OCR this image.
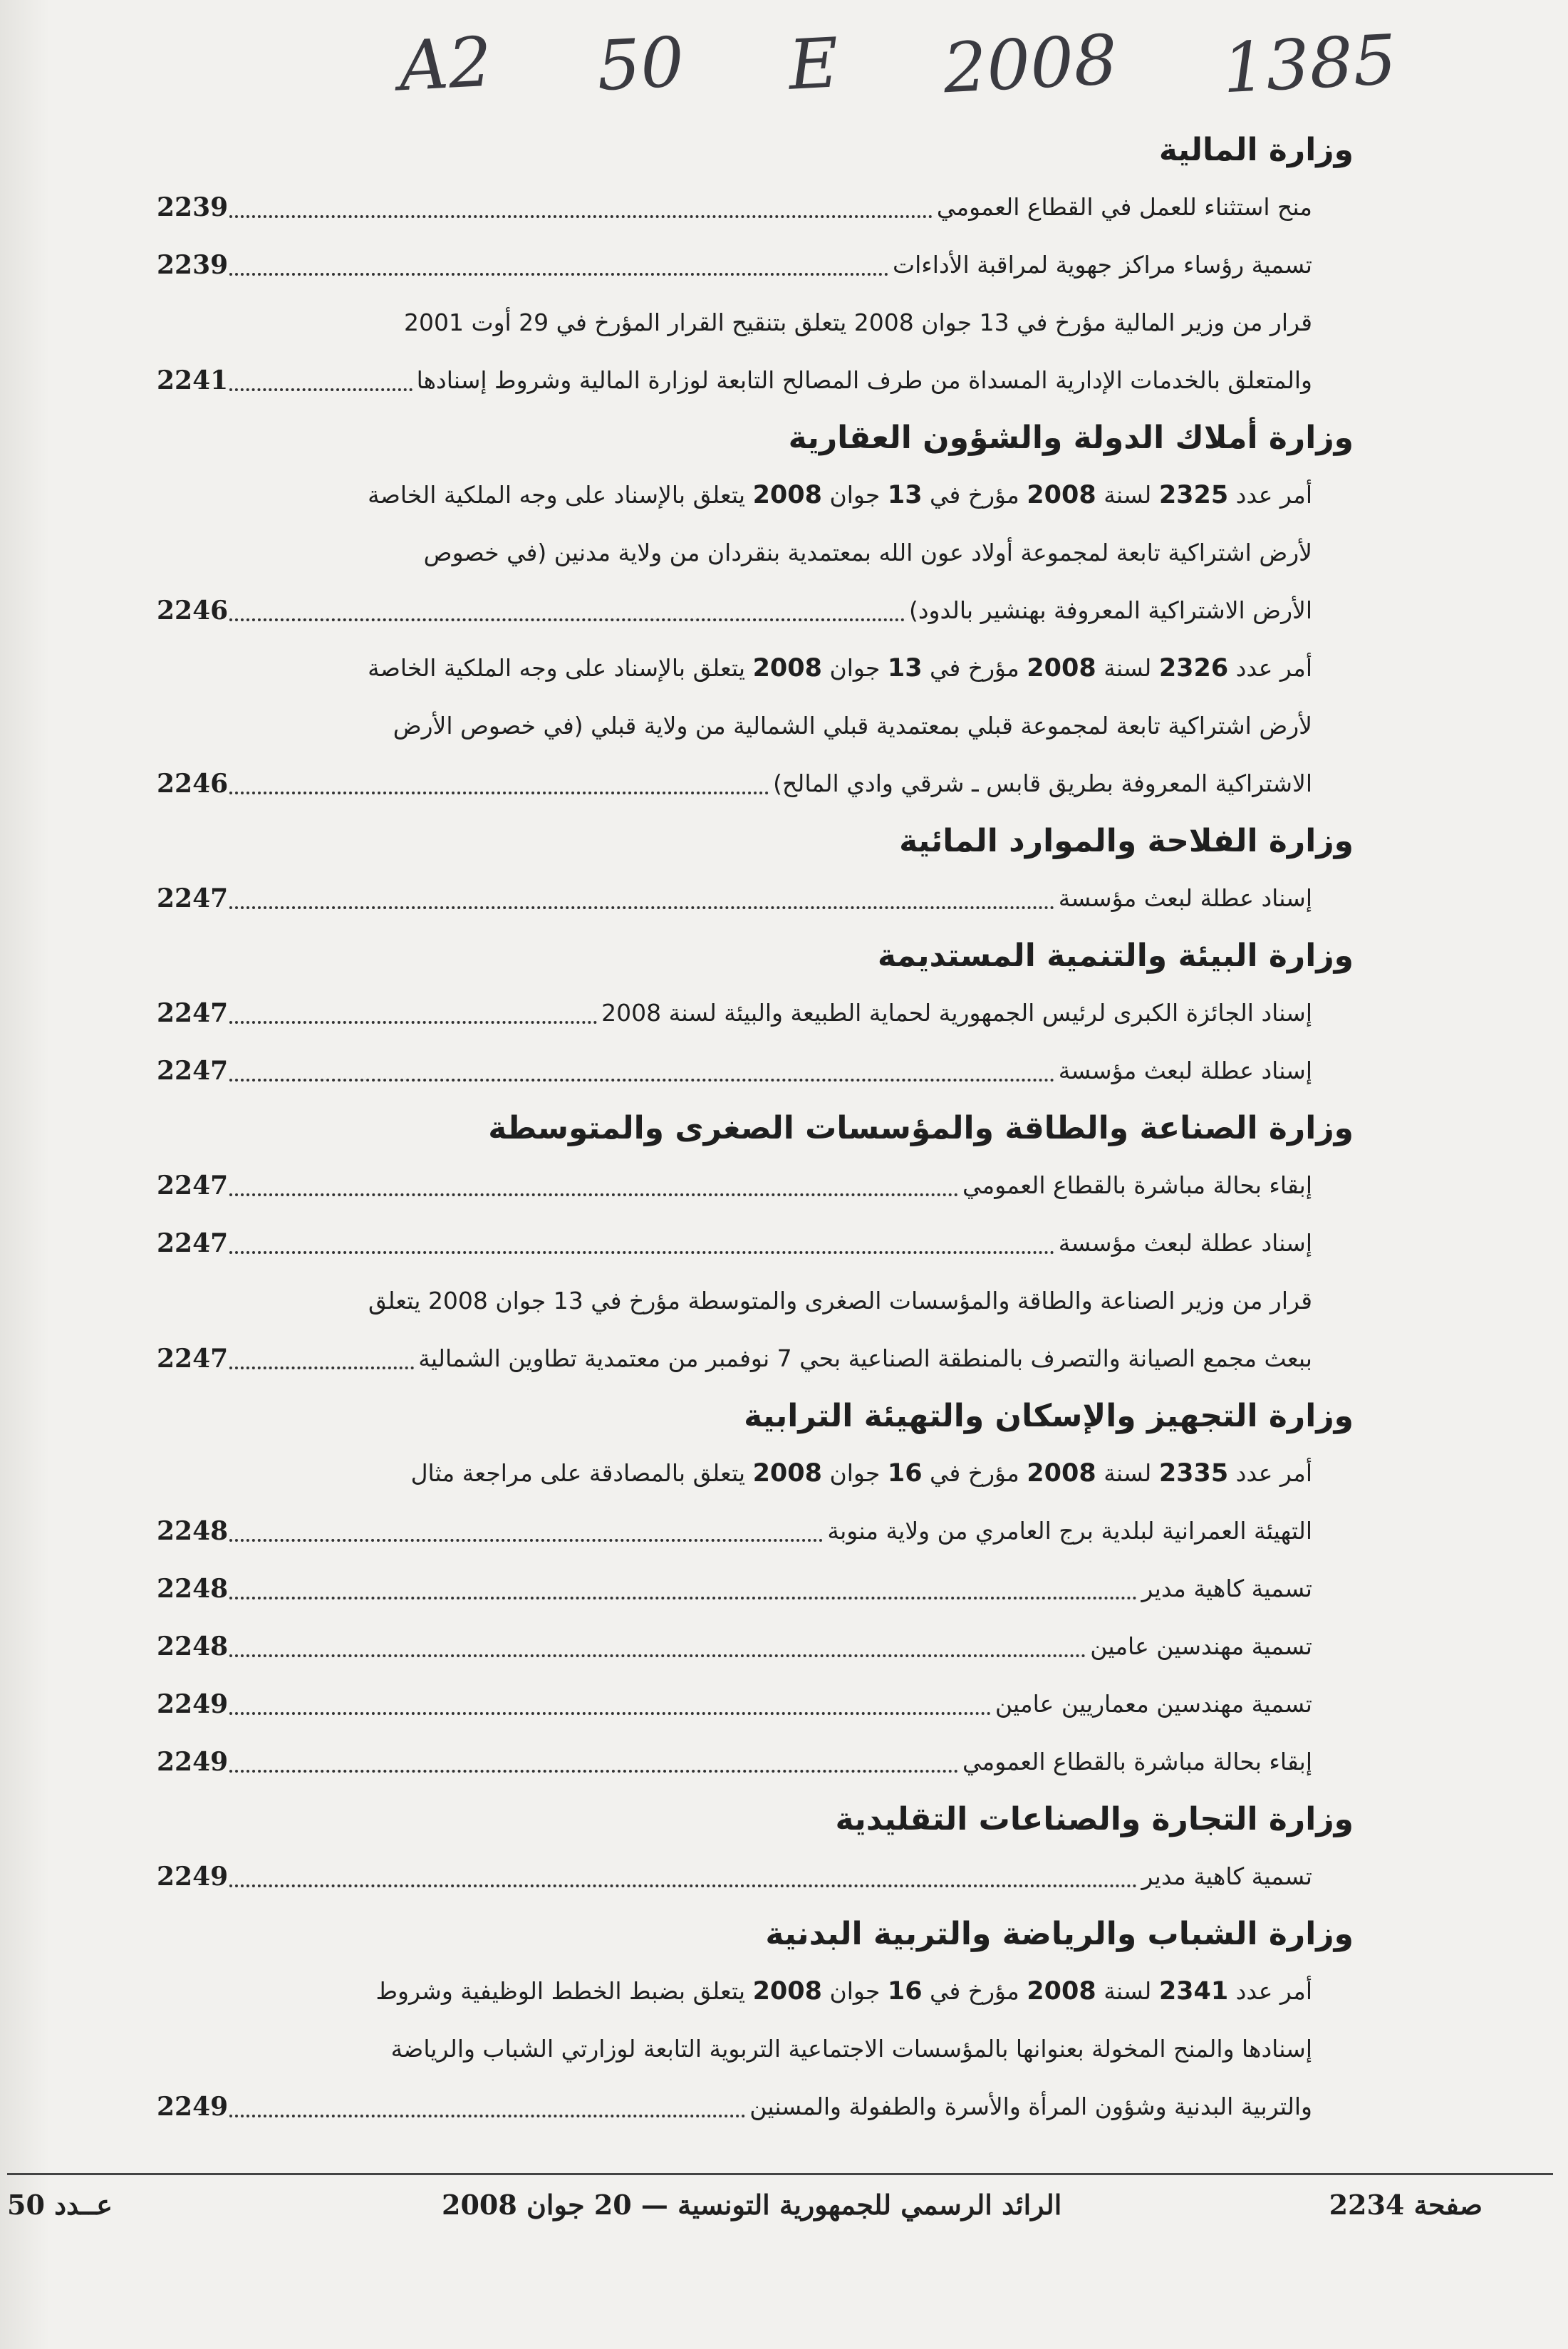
A2 50 E 2008 1385
وزارة المالية
منح استثناء للعمل في القطاع العمومي
2239
تسمية رؤساء مراكز جهوية لمراقبة الأداءات
2239
قرار من وزير المالية مؤرخ في 13 جوان 2008 يتعلق بتنقيح القرار المؤرخ في 29 أوت 2001
والمتعلق بالخدمات الإدارية المسداة من طرف المصالح التابعة لوزارة المالية وشروط إسنادها
2241
وزارة أملاك الدولة والشؤون العقارية
أمر عدد 2325 لسنة 2008 مؤرخ في 13 جوان 2008 يتعلق بالإسناد على وجه الملكية الخاصة
لأرض اشتراكية تابعة لمجموعة أولاد عون الله بمعتمدية بنقردان من ولاية مدنين (في خصوص
الأرض الاشتراكية المعروفة بهنشير بالدود)
2246
أمر عدد 2326 لسنة 2008 مؤرخ في 13 جوان 2008 يتعلق بالإسناد على وجه الملكية الخاصة
لأرض اشتراكية تابعة لمجموعة قبلي بمعتمدية قبلي الشمالية من ولاية قبلي (في خصوص الأرض
الاشتراكية المعروفة بطريق قابس ـ شرقي وادي المالح)
2246
وزارة الفلاحة والموارد المائية
إسناد عطلة لبعث مؤسسة
2247
وزارة البيئة والتنمية المستديمة
إسناد الجائزة الكبرى لرئيس الجمهورية لحماية الطبيعة والبيئة لسنة 2008
2247
إسناد عطلة لبعث مؤسسة
2247
وزارة الصناعة والطاقة والمؤسسات الصغرى والمتوسطة
إبقاء بحالة مباشرة بالقطاع العمومي
2247
إسناد عطلة لبعث مؤسسة
2247
قرار من وزير الصناعة والطاقة والمؤسسات الصغرى والمتوسطة مؤرخ في 13 جوان 2008 يتعلق
ببعث مجمع الصيانة والتصرف بالمنطقة الصناعية بحي 7 نوفمبر من معتمدية تطاوين الشمالية
2247
وزارة التجهيز والإسكان والتهيئة الترابية
أمر عدد 2335 لسنة 2008 مؤرخ في 16 جوان 2008 يتعلق بالمصادقة على مراجعة مثال
التهيئة العمرانية لبلدية برج العامري من ولاية منوبة
2248
تسمية كاهية مدير
2248
تسمية مهندسين عامين
2248
تسمية مهندسين معماريين عامين
2249
إبقاء بحالة مباشرة بالقطاع العمومي
2249
وزارة التجارة والصناعات التقليدية
تسمية كاهية مدير
2249
وزارة الشباب والرياضة والتربية البدنية
أمر عدد 2341 لسنة 2008 مؤرخ في 16 جوان 2008 يتعلق بضبط الخطط الوظيفية وشروط
إسنادها والمنح المخولة بعنوانها بالمؤسسات الاجتماعية التربوية التابعة لوزارتي الشباب والرياضة
والتربية البدنية وشؤون المرأة والأسرة والطفولة والمسنين
2249
صفحة 2234
الرائد الرسمي للجمهورية التونسية — 20 جوان 2008
عــدد 50
